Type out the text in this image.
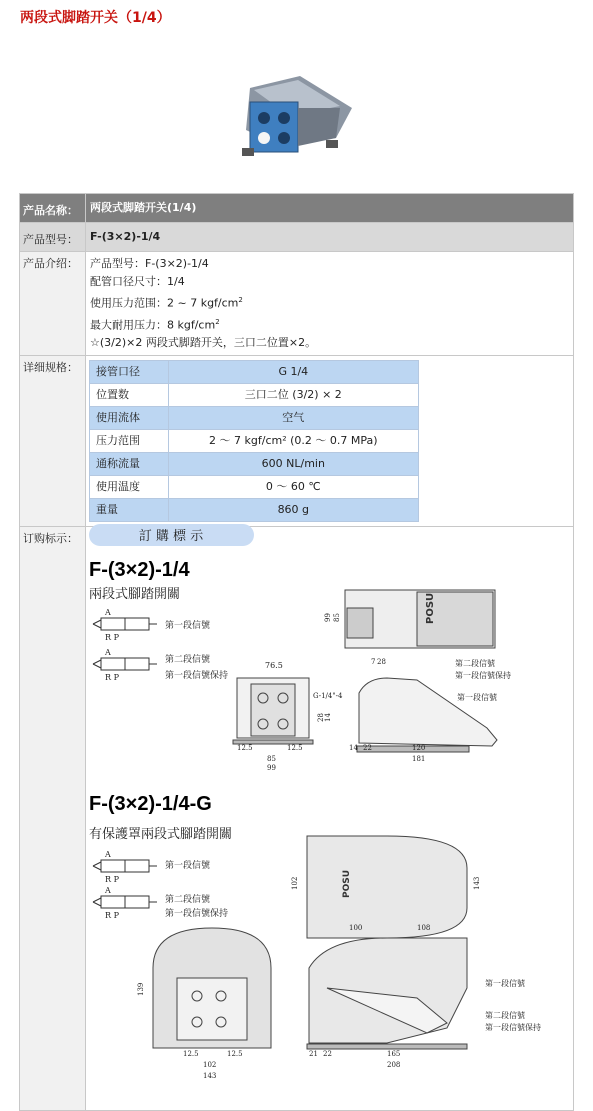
两段式脚踏开关（1/4）
产品名称：	两段式脚踏开关(1/4)
产品型号：	F-(3×2)-1/4
产品介绍：	产品型号：F-(3×2)-1/4

配管口径尺寸：1/4

使用压力范围：2 ~ 7 kgf/$cm^2$

最大耐用压力：8 kgf/$cm^2$

☆(3/2)×2 两段式脚踏开关，三口二位置×2。

详细规格：	接管口径	G 1/4
位置数	三口二位 (3/2) × 2
使用流体	空气
压力范围	2 ～ 7 kgf/cm² (0.2 ～ 0.7 MPa)
通称流量	600 NL/min
使用温度	0 ～ 60 ℃
重量	860 g

订购标示：		訂 購 標 示
F-(3×2)-1/4
兩段式腳踏開關
A
R P
A
R P
第一段信號
第二段信號
第一段信號保持
POSU
99 85
7 28
76.5
G-1/4"-4
12.5	12.5
85
99
28 14
第二段信號
第一段信號保持
第一段信號
14 22	120
181
F-(3×2)-1/4-G
有保護罩兩段式腳踏開關
A
R P
A
R P
第一段信號
第二段信號
第一段信號保持
POSU
102	143
139
12.5	12.5
102
143
100	108
第一段信號
第二段信號
第一段信號保持
21 22	165
208
